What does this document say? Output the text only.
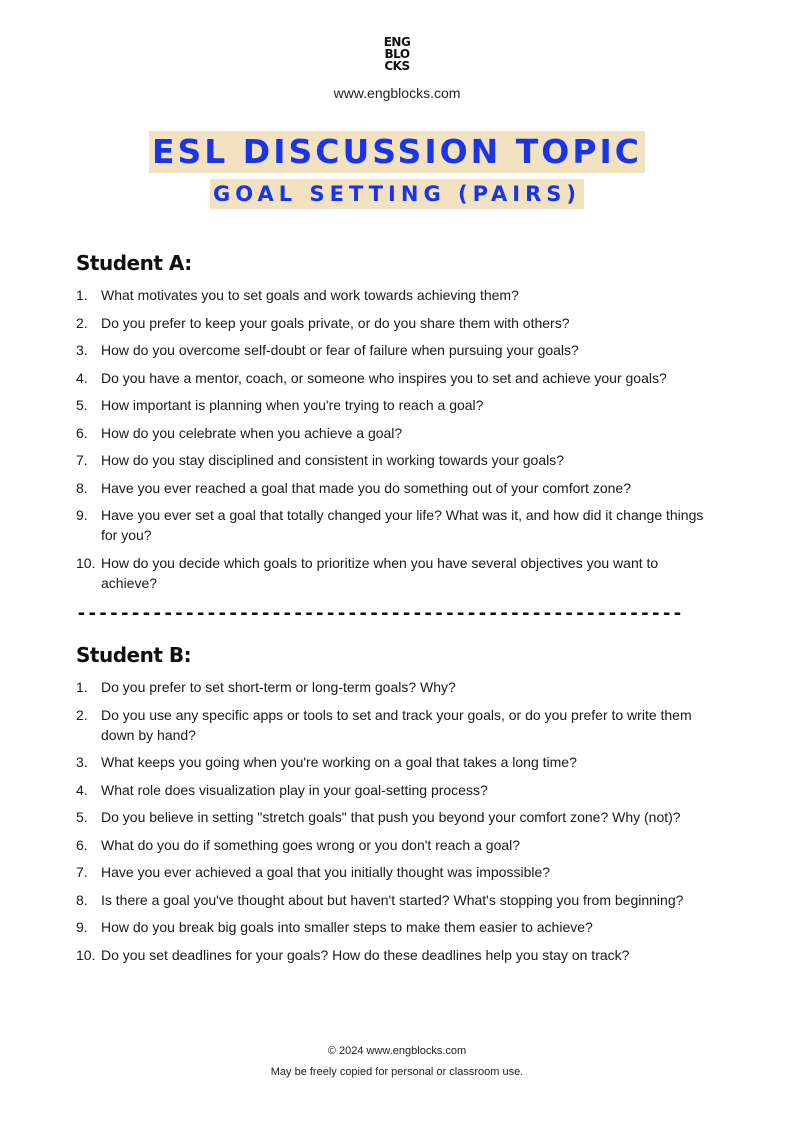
ENG
BLO
CKS
www.engblocks.com
ESL DISCUSSION TOPIC
GOAL SETTING (PAIRS)
Student A:
1. What motivates you to set goals and work towards achieving them?
2. Do you prefer to keep your goals private, or do you share them with others?
3. How do you overcome self-doubt or fear of failure when pursuing your goals?
4. Do you have a mentor, coach, or someone who inspires you to set and achieve your goals?
5. How important is planning when you're trying to reach a goal?
6. How do you celebrate when you achieve a goal?
7. How do you stay disciplined and consistent in working towards your goals?
8. Have you ever reached a goal that made you do something out of your comfort zone?
9. Have you ever set a goal that totally changed your life? What was it, and how did it change things for you?
10. How do you decide which goals to prioritize when you have several objectives you want to achieve?
--------------------------------------------------------
Student B:
1. Do you prefer to set short-term or long-term goals? Why?
2. Do you use any specific apps or tools to set and track your goals, or do you prefer to write them down by hand?
3. What keeps you going when you're working on a goal that takes a long time?
4. What role does visualization play in your goal-setting process?
5. Do you believe in setting "stretch goals" that push you beyond your comfort zone? Why (not)?
6. What do you do if something goes wrong or you don't reach a goal?
7. Have you ever achieved a goal that you initially thought was impossible?
8. Is there a goal you've thought about but haven't started? What's stopping you from beginning?
9. How do you break big goals into smaller steps to make them easier to achieve?
10. Do you set deadlines for your goals? How do these deadlines help you stay on track?
© 2024 www.engblocks.com
May be freely copied for personal or classroom use.
